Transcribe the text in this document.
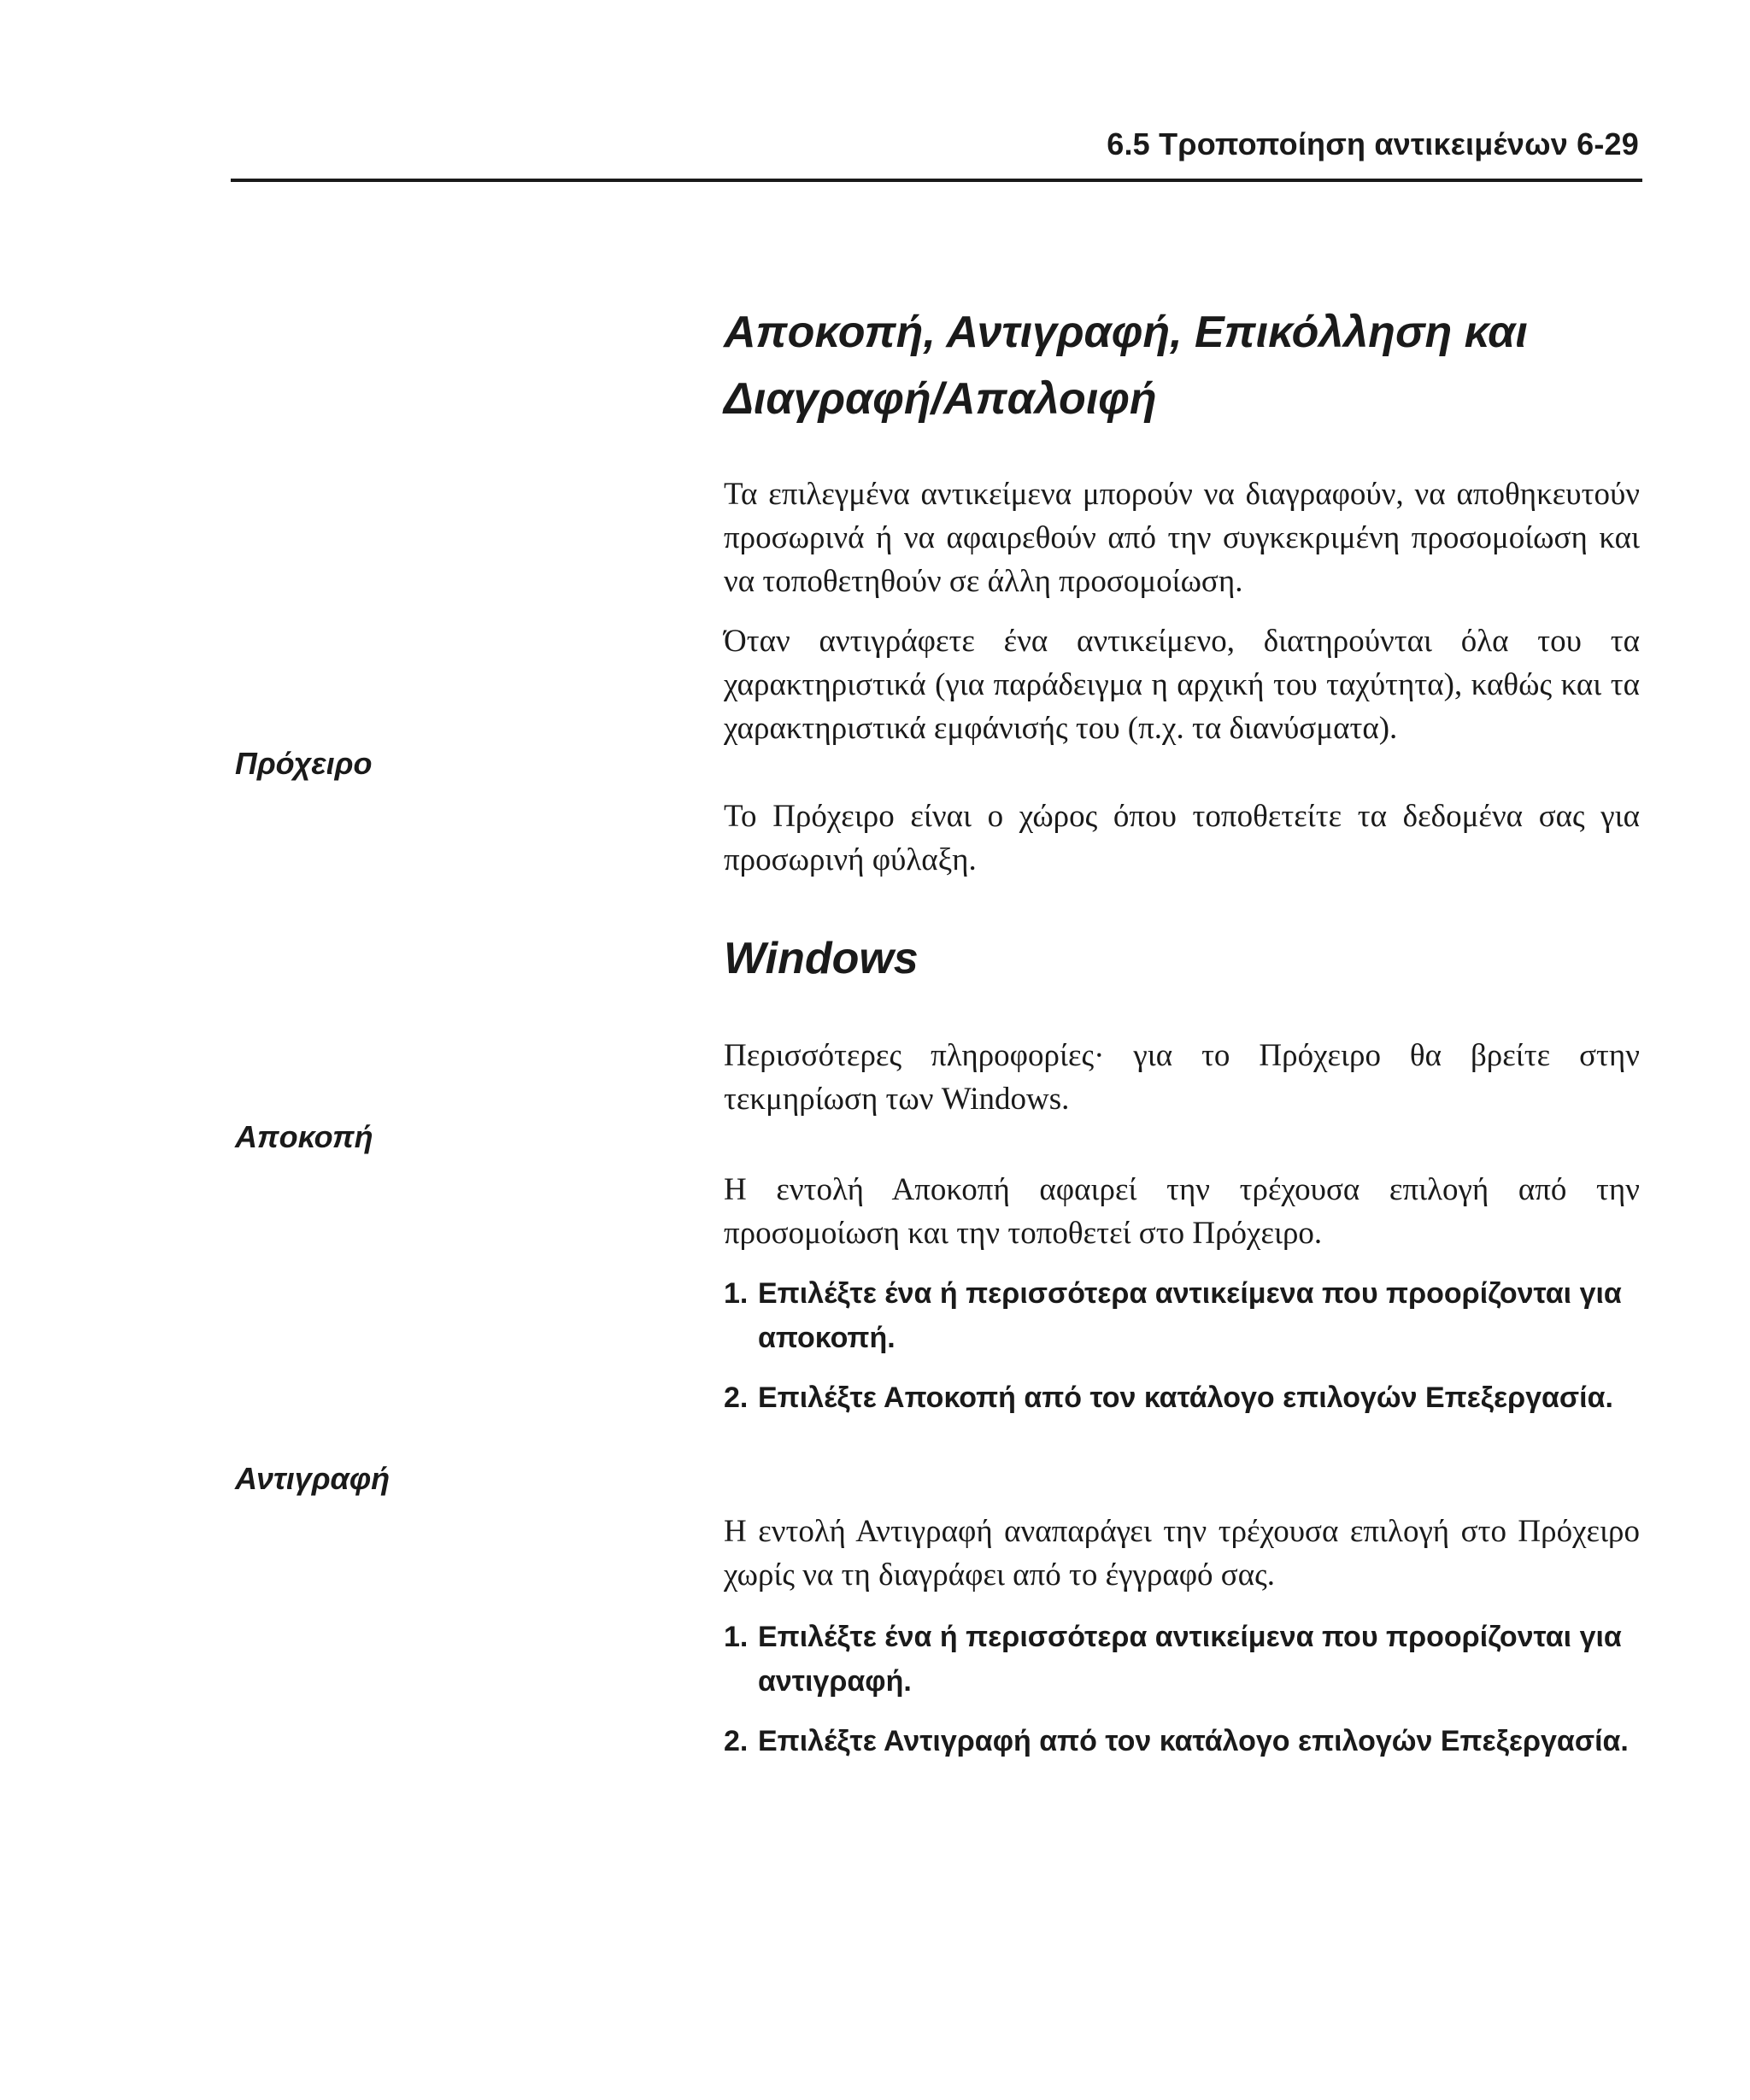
6.5 Τροποποίηση αντικειμένων 6-29
Πρόχειρο
Αποκοπή
Αντιγραφή
Αποκοπή, Αντιγραφή, Επικόλληση και
Διαγραφή/Απαλοιφή

Τα επιλεγμένα αντικείμενα μπορούν να διαγραφούν, να αποθηκευτούν προσωρινά ή να αφαιρεθούν από την συγκεκριμένη προσομοίωση και να τοποθετηθούν σε άλλη προσομοίωση.

Όταν αντιγράφετε ένα αντικείμενο, διατηρούνται όλα του τα χαρακτηριστικά (για παράδειγμα η αρχική του ταχύτητα), καθώς και τα χαρακτηριστικά εμφάνισής του (π.χ. τα διανύσματα).

Το Πρόχειρο είναι ο χώρος όπου τοποθετείτε τα δεδομένα σας για προσωρινή φύλαξη.

Windows

Περισσότερες πληροφορίες· για το Πρόχειρο θα βρείτε στην τεκμηρίωση των Windows.

Η εντολή Αποκοπή αφαιρεί την τρέχουσα επιλογή από την προσομοίωση και την τοποθετεί στο Πρόχειρο.

1. Επιλέξτε ένα ή περισσότερα αντικείμενα που προορίζονται για αποκοπή.
2. Επιλέξτε Αποκοπή από τον κατάλογο επιλογών Επεξεργασία.

Η εντολή Αντιγραφή αναπαράγει την τρέχουσα επιλογή στο Πρόχειρο χωρίς να τη διαγράφει από το έγγραφό σας.

1. Επιλέξτε ένα ή περισσότερα αντικείμενα που προορίζονται για αντιγραφή.
2. Επιλέξτε Αντιγραφή από τον κατάλογο επιλογών Επεξεργασία.
